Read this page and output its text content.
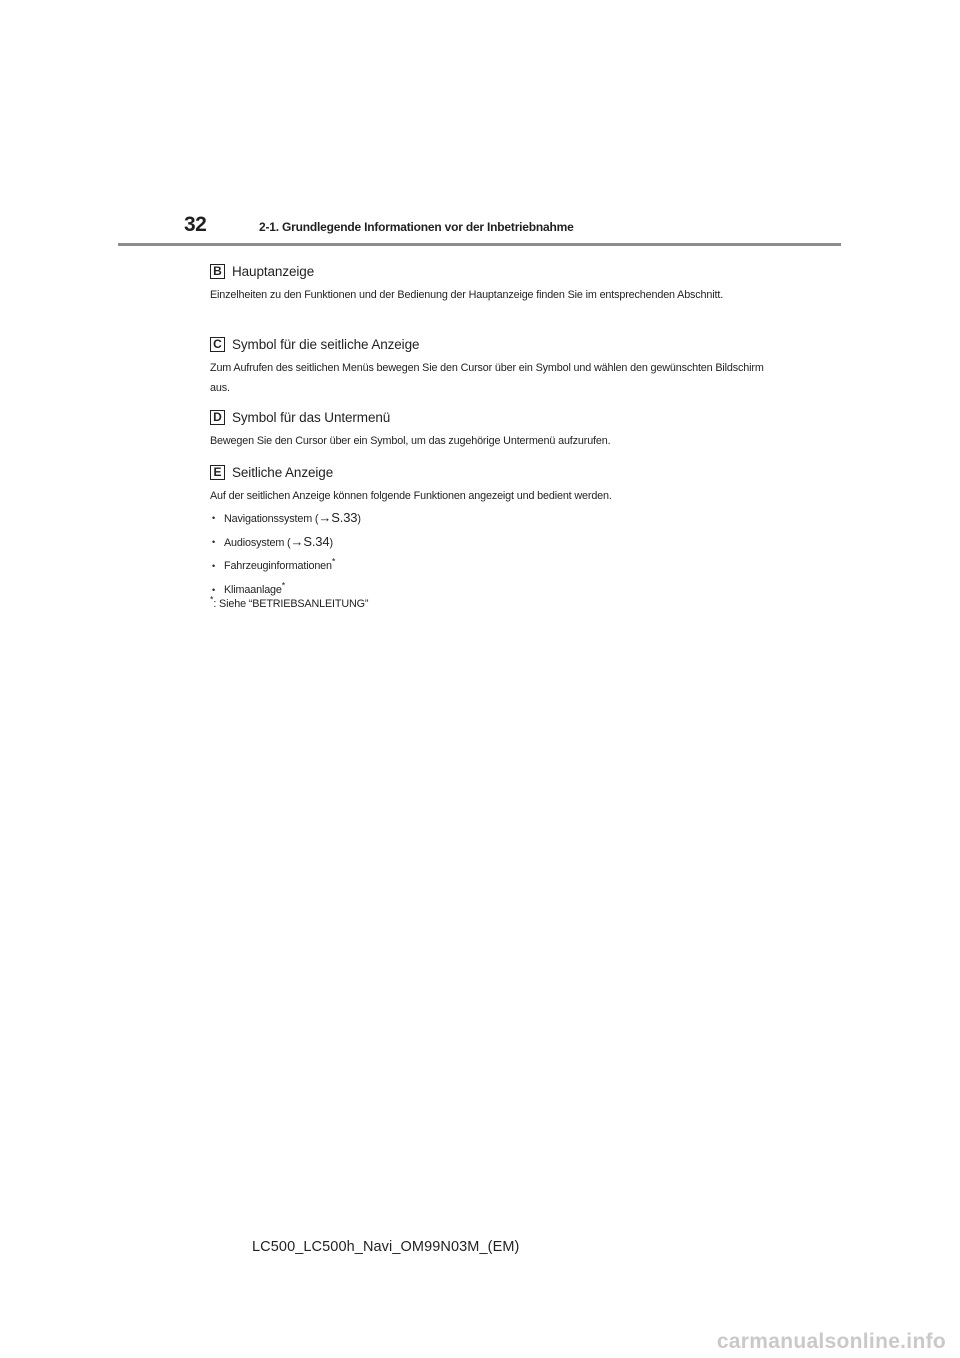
32	2-1. Grundlegende Informationen vor der Inbetriebnahme
B Hauptanzeige
Einzelheiten zu den Funktionen und der Bedienung der Hauptanzeige finden Sie im entsprechenden Abschnitt.
C Symbol für die seitliche Anzeige
Zum Aufrufen des seitlichen Menüs bewegen Sie den Cursor über ein Symbol und wählen den gewünschten Bildschirm aus.
D Symbol für das Untermenü
Bewegen Sie den Cursor über ein Symbol, um das zugehörige Untermenü aufzurufen.
E Seitliche Anzeige
Auf der seitlichen Anzeige können folgende Funktionen angezeigt und bedient werden.
• Navigationssystem (→S.33)
• Audiosystem (→S.34)
• Fahrzeuginformationen*
• Klimaanlage*
*: Siehe “BETRIEBSANLEITUNG”
LC500_LC500h_Navi_OM99N03M_(EM)
carmanualsonline.info
